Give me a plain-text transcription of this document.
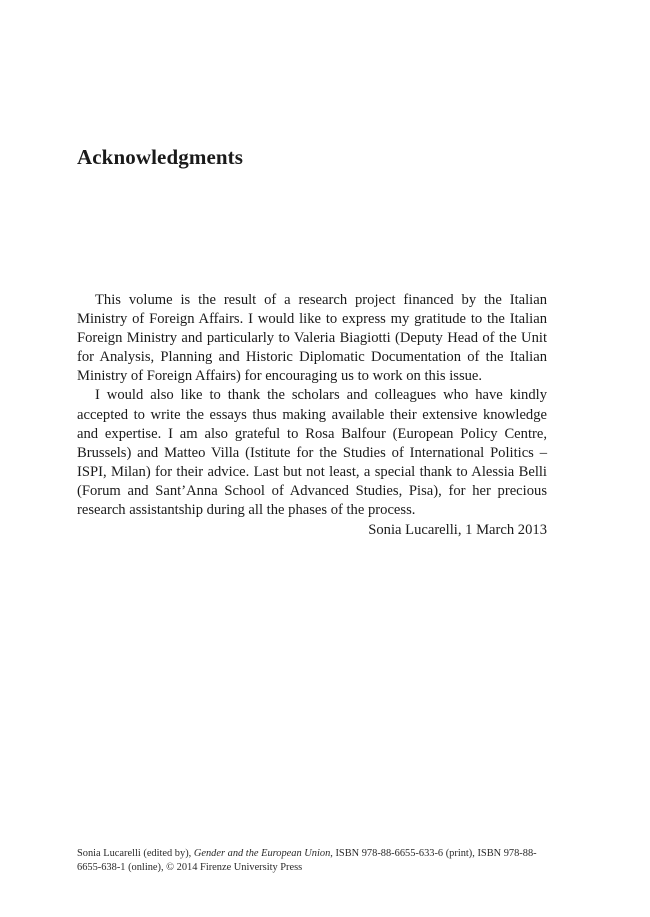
Acknowledgments

This volume is the result of a research project financed by the Italian Ministry of Foreign Affairs. I would like to express my gratitude to the Italian Foreign Ministry and particularly to Valeria Biagiotti (Deputy Head of the Unit for Analysis, Planning and Historic Diplomatic Documentation of the Italian Ministry of Foreign Affairs) for encouraging us to work on this issue.

I would also like to thank the scholars and colleagues who have kindly accepted to write the essays thus making available their extensive knowledge and expertise. I am also grateful to Rosa Balfour (European Policy Centre, Brussels) and Matteo Villa (Istitute for the Studies of International Politics – ISPI, Milan) for their advice. Last but not least, a special thank to Alessia Belli (Forum and Sant’Anna School of Advanced Studies, Pisa), for her precious research assistantship during all the phases of the process.

Sonia Lucarelli, 1 March 2013
Sonia Lucarelli (edited by), Gender and the European Union, ISBN 978-88-6655-633-6 (print), ISBN 978-88-6655-638-1 (online), © 2014 Firenze University Press
